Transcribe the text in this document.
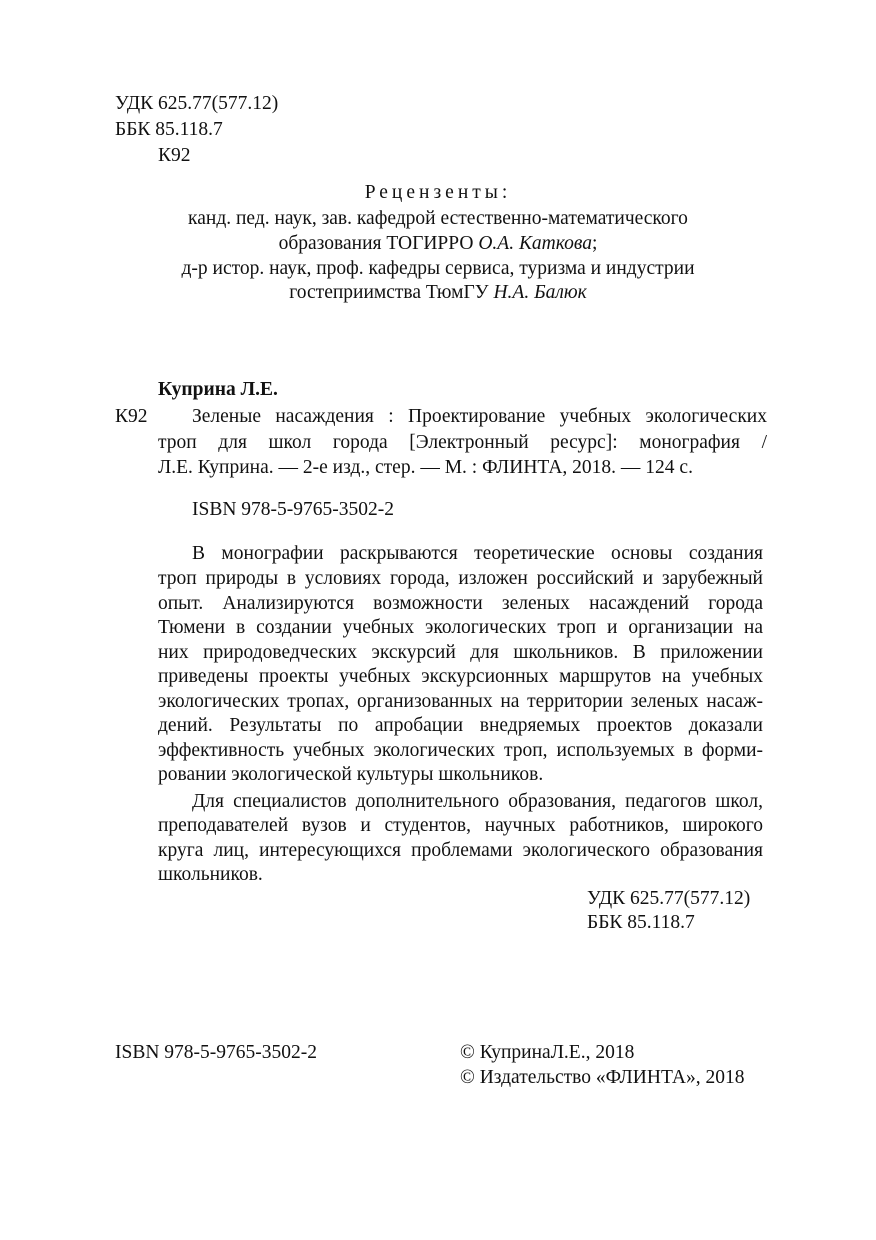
УДК 625.77(577.12)
ББК 85.118.7
К92
Рецензенты:
канд. пед. наук, зав. кафедрой естественно-математического
образования ТОГИРРО О.А. Каткова;
д-р истор. наук, проф. кафедры сервиса, туризма и индустрии
гостеприимства ТюмГУ Н.А. Балюк
Куприна Л.Е.
К92 Зеленые насаждения : Проектирование учебных экологических
троп для школ города [Электронный ресурс]: монография /
Л.Е. Куприна. — 2-е изд., стер. — М. : ФЛИНТА, 2018. — 124 с.
ISBN 978-5-9765-3502-2
В монографии раскрываются теоретические основы создания
троп природы в условиях города, изложен российский и зарубежный
опыт. Анализируются возможности зеленых насаждений города
Тюмени в создании учебных экологических троп и организации на
них природоведческих экскурсий для школьников. В приложении
приведены проекты учебных экскурсионных маршрутов на учебных
экологических тропах, организованных на территории зеленых насаж-
дений. Результаты по апробации внедряемых проектов доказали
эффективность учебных экологических троп, используемых в форми-
ровании экологической культуры школьников.
Для специалистов дополнительного образования, педагогов школ,
преподавателей вузов и студентов, научных работников, широкого
круга лиц, интересующихся проблемами экологического образования
школьников.
УДК 625.77(577.12)
ББК 85.118.7
ISBN 978-5-9765-3502-2	© КупринаЛ.Е., 2018
© Издательство «ФЛИНТА», 2018
